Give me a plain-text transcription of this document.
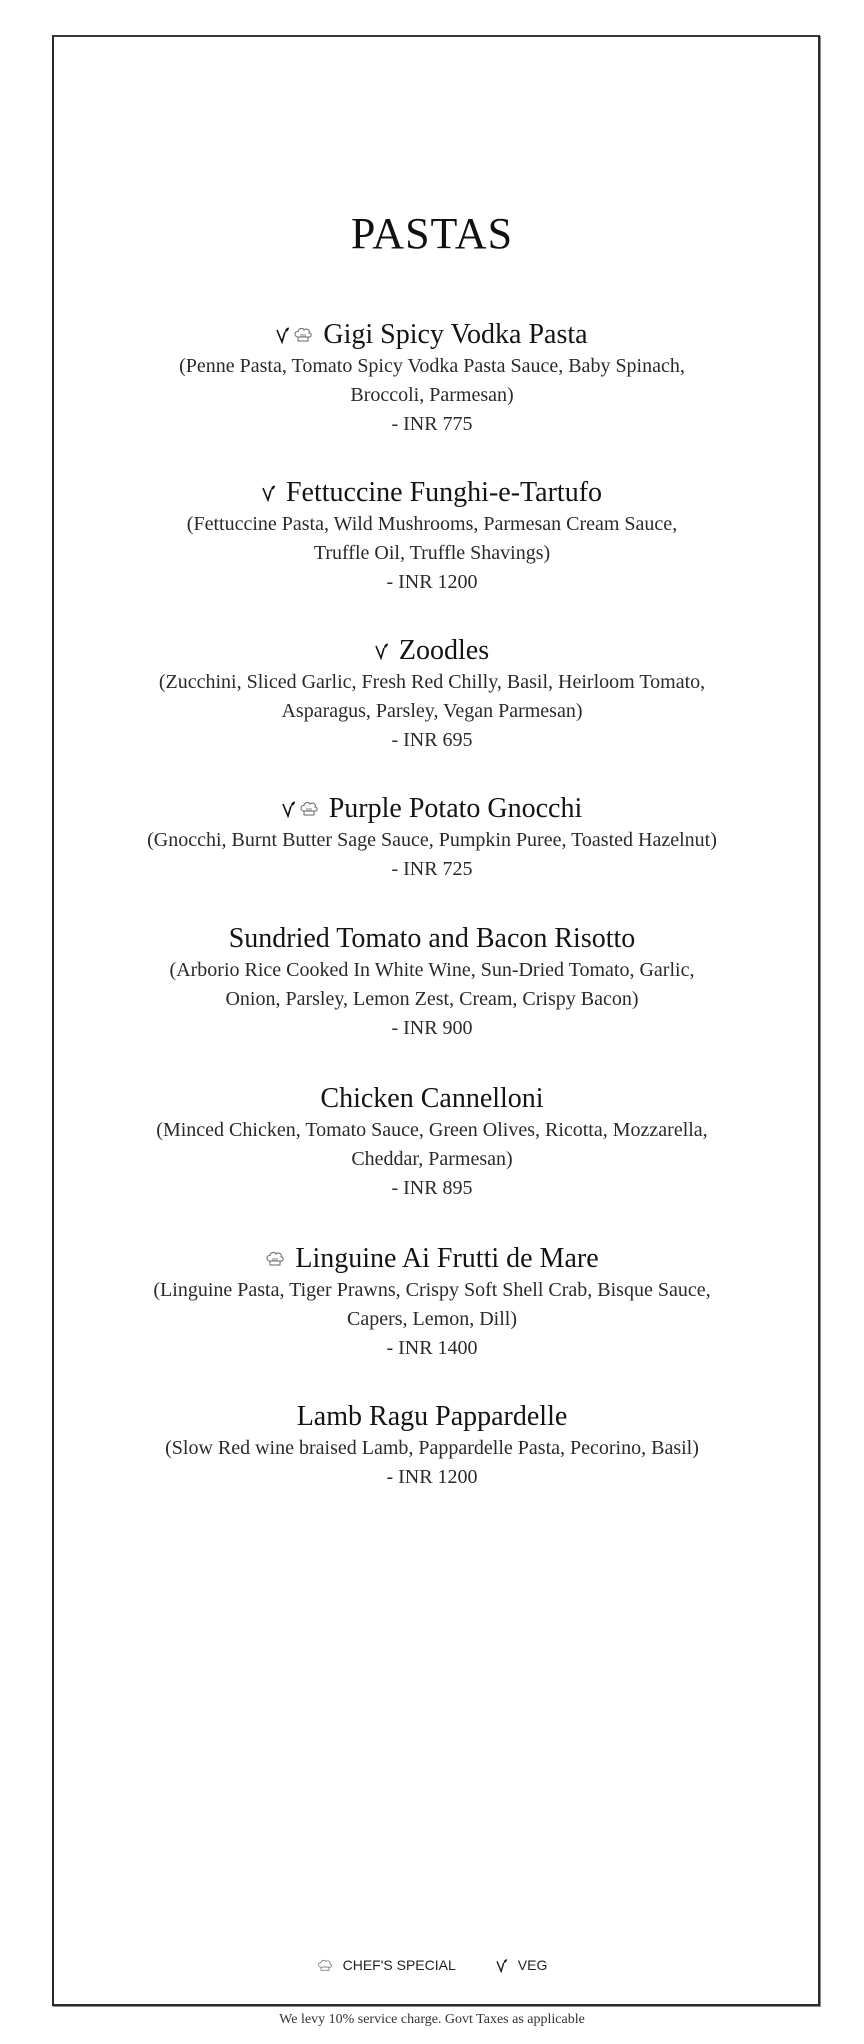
PASTAS
Gigi Spicy Vodka Pasta
(Penne Pasta, Tomato Spicy Vodka Pasta Sauce, Baby Spinach,
Broccoli, Parmesan)
- INR 775
Fettuccine Funghi-e-Tartufo
(Fettuccine Pasta, Wild Mushrooms, Parmesan Cream Sauce,
Truffle Oil, Truffle Shavings)
- INR 1200
Zoodles
(Zucchini, Sliced Garlic, Fresh Red Chilly, Basil, Heirloom Tomato,
Asparagus, Parsley, Vegan Parmesan)
- INR 695
Purple Potato Gnocchi
(Gnocchi, Burnt Butter Sage Sauce, Pumpkin Puree, Toasted Hazelnut)
- INR 725
Sundried Tomato and Bacon Risotto
(Arborio Rice Cooked In White Wine, Sun-Dried Tomato, Garlic,
Onion, Parsley, Lemon Zest, Cream, Crispy Bacon)
- INR 900
Chicken Cannelloni
(Minced Chicken, Tomato Sauce, Green Olives, Ricotta, Mozzarella,
Cheddar, Parmesan)
- INR 895
Linguine Ai Frutti de Mare
(Linguine Pasta, Tiger Prawns, Crispy Soft Shell Crab, Bisque Sauce,
Capers, Lemon, Dill)
- INR 1400
Lamb Ragu Pappardelle
(Slow Red wine braised Lamb, Pappardelle Pasta, Pecorino, Basil)
- INR 1200
CHEF'S SPECIAL	VEG
We levy 10% service charge. Govt Taxes as applicable
